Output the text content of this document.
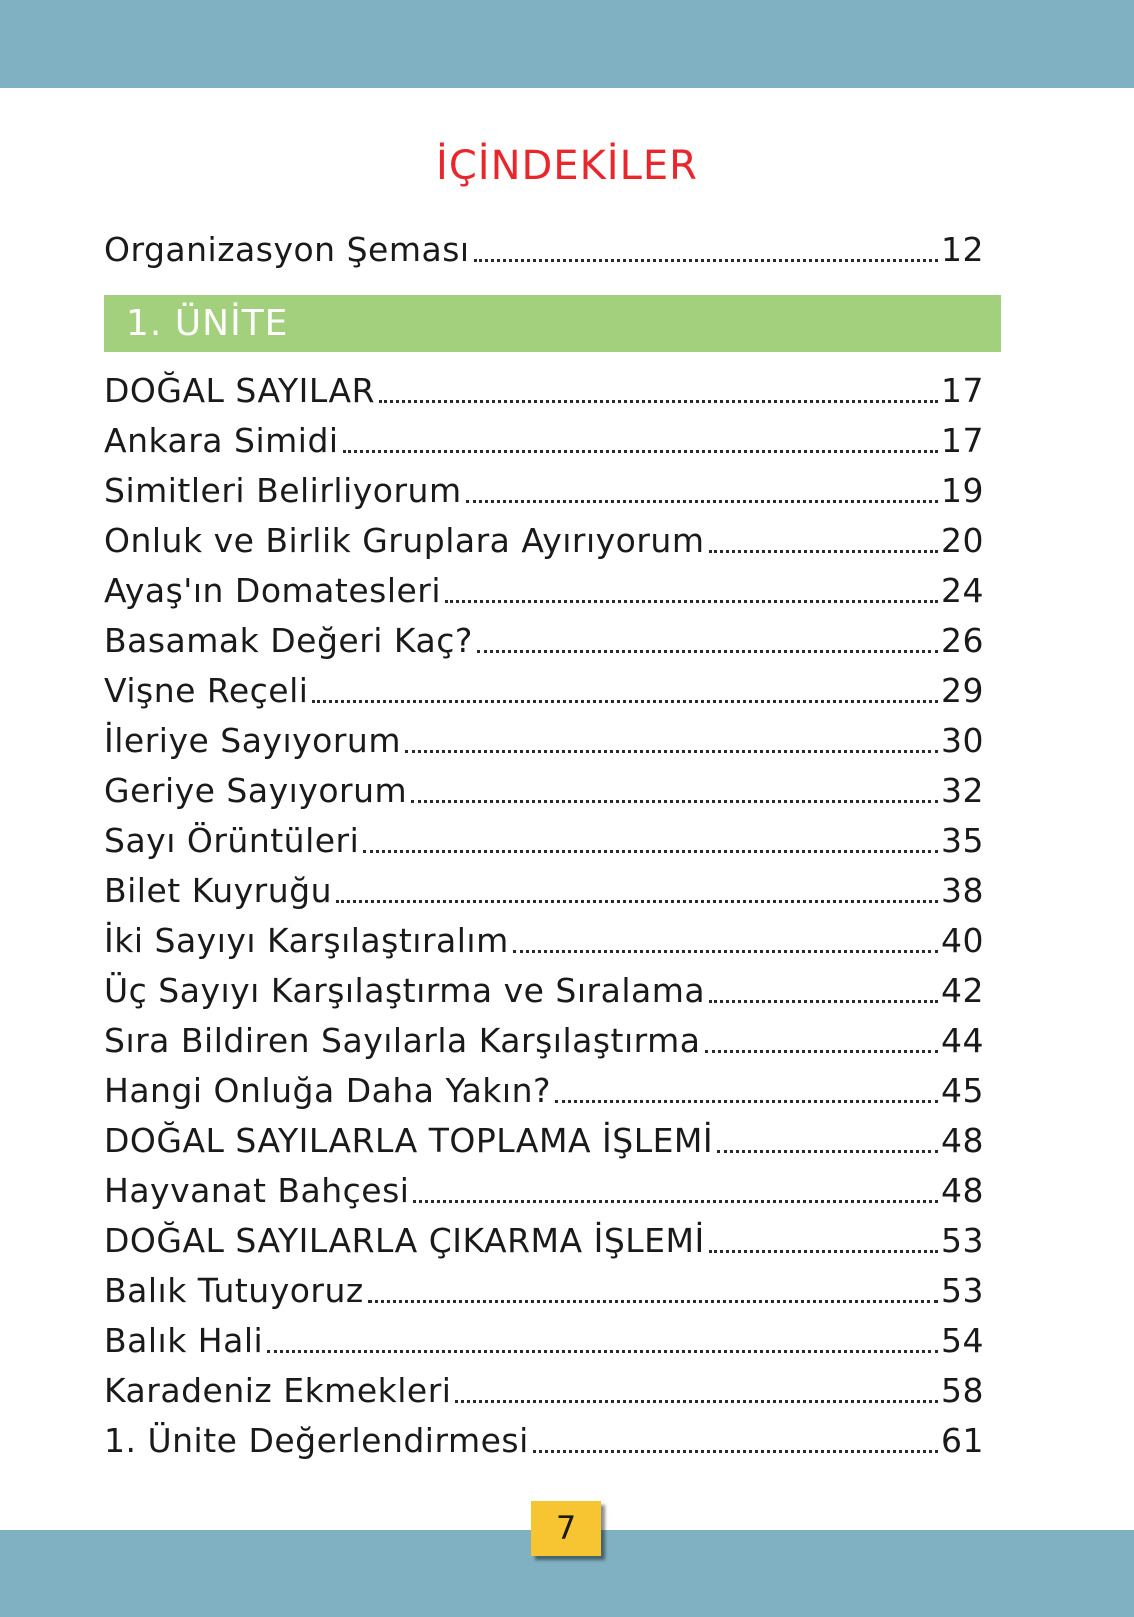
İÇİNDEKİLER
Organizasyon Şeması	12
1. ÜNİTE
DOĞAL SAYILAR	17
Ankara Simidi	17
Simitleri Belirliyorum	19
Onluk ve Birlik Gruplara Ayırıyorum	20
Ayaş'ın Domatesleri	24
Basamak Değeri Kaç?	26
Vişne Reçeli	29
İleriye Sayıyorum	30
Geriye Sayıyorum	32
Sayı Örüntüleri	35
Bilet Kuyruğu	38
İki Sayıyı Karşılaştıralım	40
Üç Sayıyı Karşılaştırma ve Sıralama	42
Sıra Bildiren Sayılarla Karşılaştırma	44
Hangi Onluğa Daha Yakın?	45
DOĞAL SAYILARLA TOPLAMA İŞLEMİ	48
Hayvanat Bahçesi	48
DOĞAL SAYILARLA ÇIKARMA İŞLEMİ	53
Balık Tutuyoruz	53
Balık Hali	54
Karadeniz Ekmekleri	58
1. Ünite Değerlendirmesi	61
7
